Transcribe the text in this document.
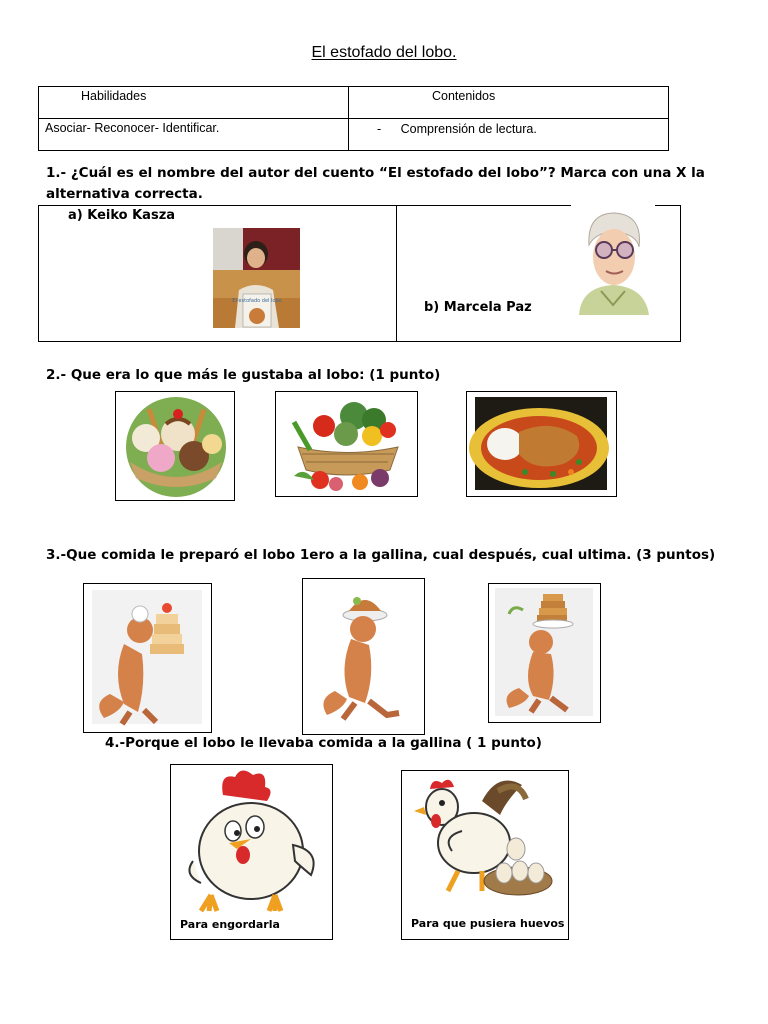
El estofado del lobo.
Habilidades	Contenidos

Asociar- Reconocer- Identificar.	- Comprensión de lectura.
1.- ¿Cuál es el nombre del autor del cuento “El estofado del lobo”? Marca con una X la alternativa correcta.
a) Keiko Kasza
b) Marcela Paz
El estofado del lobo
2.- Que era lo que más le gustaba al lobo: (1 punto)
3.-Que comida le preparó el lobo 1ero a la gallina, cual después, cual ultima. (3 puntos)
4.-Porque el lobo le llevaba comida a la gallina ( 1 punto)
Para engordarla	Para que pusiera huevos
